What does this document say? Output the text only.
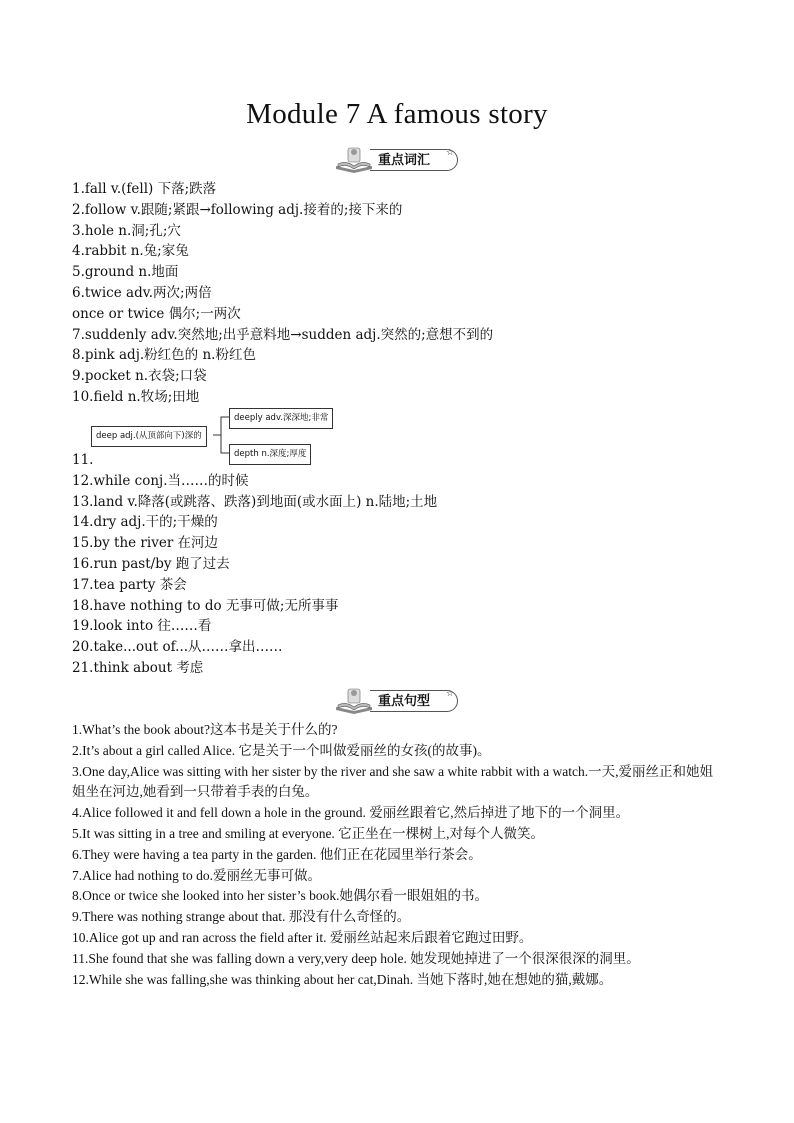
Module 7 A famous story
重点词汇	☆
1.fall v.(fell) 下落;跌落
2.follow v.跟随;紧跟→following adj.接着的;接下来的
3.hole n.洞;孔;穴
4.rabbit n.兔;家兔
5.ground n.地面
6.twice adv.两次;两倍
once or twice 偶尔;一两次
7.suddenly adv.突然地;出乎意料地→sudden adj.突然的;意想不到的
8.pink adj.粉红色的 n.粉红色
9.pocket n.衣袋;口袋
10.field n.牧场;田地
deep adj.(从顶部向下)深的
deeply adv.深深地;非常
depth n.深度;厚度
11.
12.while conj.当……的时候
13.land v.降落(或跳落、跌落)到地面(或水面上) n.陆地;土地
14.dry adj.干的;干燥的
15.by the river 在河边
16.run past/by 跑了过去
17.tea party 茶会
18.have nothing to do 无事可做;无所事事
19.look into 往……看
20.take...out of...从……拿出……
21.think about 考虑
重点句型	☆
1.What’s the book about?这本书是关于什么的?
2.It’s about a girl called Alice. 它是关于一个叫做爱丽丝的女孩(的故事)。
3.One day,Alice was sitting with her sister by the river and she saw a white rabbit with a watch.一天,爱丽丝正和她姐姐坐在河边,她看到一只带着手表的白兔。
4.Alice followed it and fell down a hole in the ground. 爱丽丝跟着它,然后掉进了地下的一个洞里。
5.It was sitting in a tree and smiling at everyone. 它正坐在一棵树上,对每个人微笑。
6.They were having a tea party in the garden. 他们正在花园里举行茶会。
7.Alice had nothing to do.爱丽丝无事可做。
8.Once or twice she looked into her sister’s book.她偶尔看一眼姐姐的书。
9.There was nothing strange about that. 那没有什么奇怪的。
10.Alice got up and ran across the field after it. 爱丽丝站起来后跟着它跑过田野。
11.She found that she was falling down a very,very deep hole. 她发现她掉进了一个很深很深的洞里。
12.While she was falling,she was thinking about her cat,Dinah. 当她下落时,她在想她的猫,戴娜。
